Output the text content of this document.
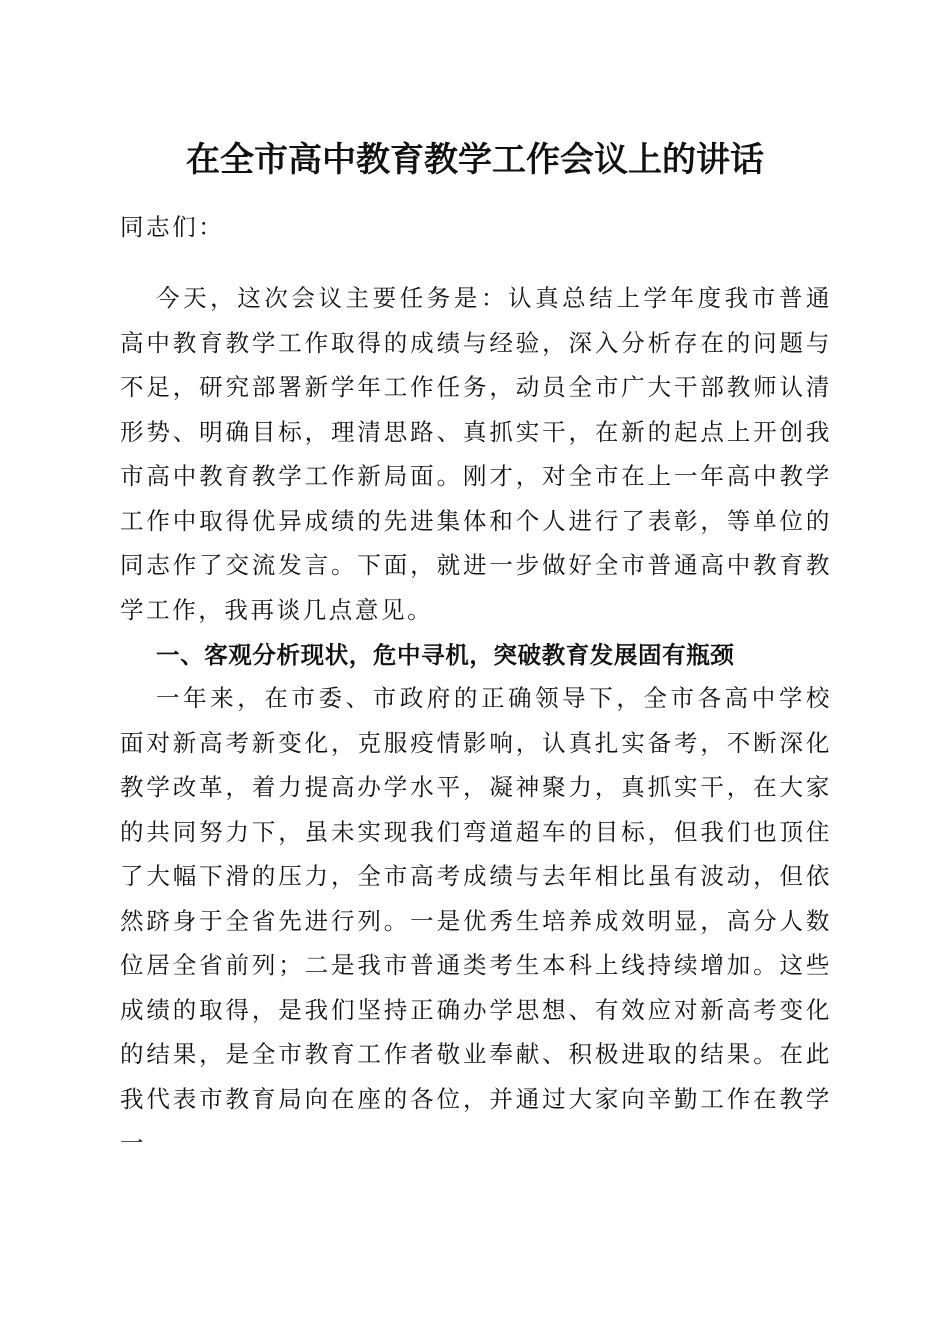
在全市高中教育教学工作会议上的讲话

同志们：

今天，这次会议主要任务是：认真总结上学年度我市普通高中教育教学工作取得的成绩与经验，深入分析存在的问题与不足，研究部署新学年工作任务，动员全市广大干部教师认清形势、明确目标，理清思路、真抓实干，在新的起点上开创我市高中教育教学工作新局面。刚才，对全市在上一年高中教学工作中取得优异成绩的先进集体和个人进行了表彰，等单位的同志作了交流发言。下面，就进一步做好全市普通高中教育教学工作，我再谈几点意见。

一、客观分析现状，危中寻机，突破教育发展固有瓶颈

一年来，在市委、市政府的正确领导下，全市各高中学校面对新高考新变化，克服疫情影响，认真扎实备考，不断深化教学改革，着力提高办学水平，凝神聚力，真抓实干，在大家的共同努力下，虽未实现我们弯道超车的目标，但我们也顶住了大幅下滑的压力，全市高考成绩与去年相比虽有波动，但依然跻身于全省先进行列。一是优秀生培养成效明显，高分人数位居全省前列；二是我市普通类考生本科上线持续增加。这些成绩的取得，是我们坚持正确办学思想、有效应对新高考变化的结果，是全市教育工作者敬业奉献、积极进取的结果。在此我代表市教育局向在座的各位，并通过大家向辛勤工作在教学一
